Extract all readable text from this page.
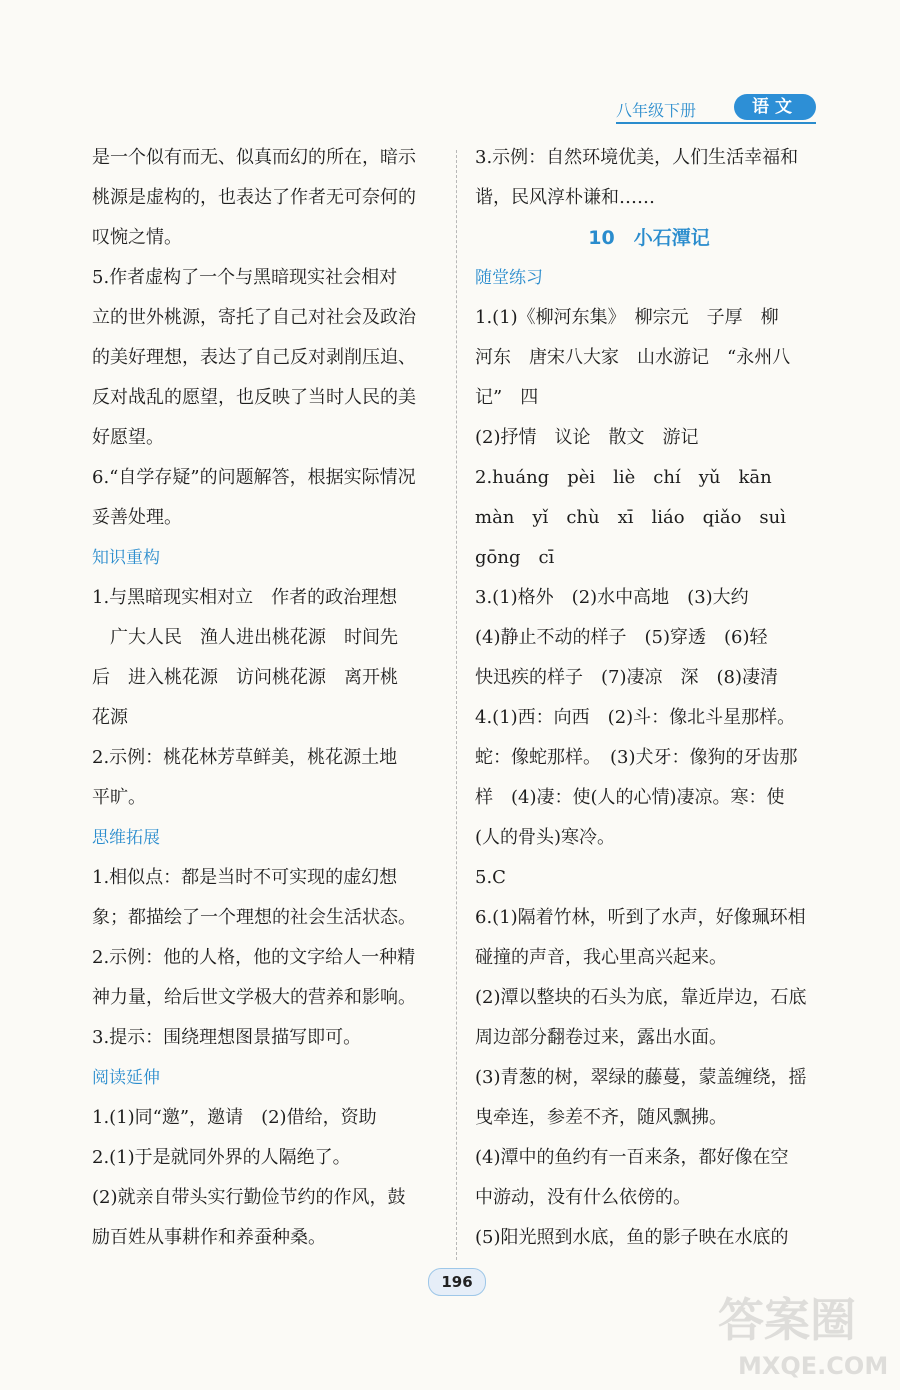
八年级下册	语文

是一个似有而无、似真而幻的所在，暗示

桃源是虚构的，也表达了作者无可奈何的

叹惋之情。

5.作者虚构了一个与黑暗现实社会相对

立的世外桃源，寄托了自己对社会及政治

的美好理想，表达了自己反对剥削压迫、

反对战乱的愿望，也反映了当时人民的美

好愿望。

6.“自学存疑”的问题解答，根据实际情况

妥善处理。

知识重构

1.与黑暗现实相对立　作者的政治理想

　广大人民　渔人进出桃花源　时间先

后　进入桃花源　访问桃花源　离开桃

花源

2.示例：桃花林芳草鲜美，桃花源土地

平旷。

思维拓展

1.相似点：都是当时不可实现的虚幻想

象；都描绘了一个理想的社会生活状态。

2.示例：他的人格，他的文字给人一种精

神力量，给后世文学极大的营养和影响。

3.提示：围绕理想图景描写即可。

阅读延伸

1.(1)同“邀”，邀请　(2)借给，资助

2.(1)于是就同外界的人隔绝了。

(2)就亲自带头实行勤俭节约的作风，鼓

励百姓从事耕作和养蚕种桑。

3.示例：自然环境优美，人们生活幸福和

谐，民风淳朴谦和……

10　小石潭记

随堂练习

1.(1)《柳河东集》　柳宗元　子厚　柳

河东　唐宋八大家　山水游记　“永州八

记”　四

(2)抒情　议论　散文　游记

2.huáng　pèi　liè　chí　yǔ　kān

màn　yǐ　chù　xī　liáo　qiǎo　suì

gōng　cī

3.(1)格外　(2)水中高地　(3)大约

(4)静止不动的样子　(5)穿透　(6)轻

快迅疾的样子　(7)凄凉　深　(8)凄清

4.(1)西：向西　(2)斗：像北斗星那样。

蛇：像蛇那样。　(3)犬牙：像狗的牙齿那

样　(4)凄：使(人的心情)凄凉。寒：使

(人的骨头)寒冷。

5.C

6.(1)隔着竹林，听到了水声，好像珮环相

碰撞的声音，我心里高兴起来。

(2)潭以整块的石头为底，靠近岸边，石底

周边部分翻卷过来，露出水面。

(3)青葱的树，翠绿的藤蔓，蒙盖缠绕，摇

曳牵连，参差不齐，随风飘拂。

(4)潭中的鱼约有一百来条，都好像在空

中游动，没有什么依傍的。

(5)阳光照到水底，鱼的影子映在水底的

196
答案圈
MXQE.COM
